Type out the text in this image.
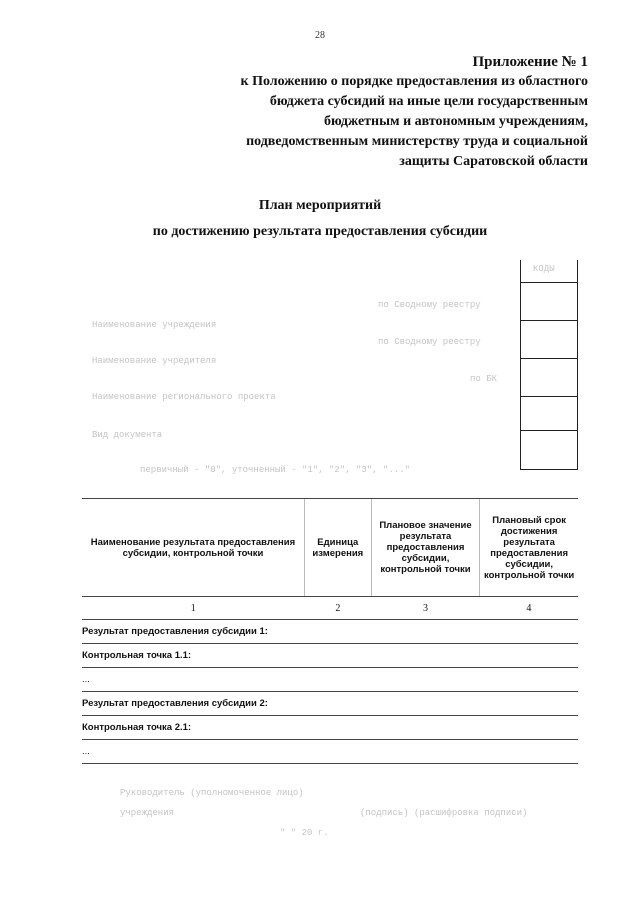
28
Приложение № 1
к Положению о порядке предоставления из областного
бюджета субсидий на иные цели государственным
бюджетным и автономным учреждениям,
подведомственным министерству труда и социальной
защиты Саратовской области
План мероприятий
по достижению результата предоставления субсидии
КОДЫ
по Сводному реестру
Наименование учреждения
по Сводному реестру
Наименование учредителя
по БК
Наименование регионального проекта
Вид документа
первичный - "0", уточненный - "1", "2", "3", "..."
Наименование результата предоставления субсидии, контрольной точки	Единица измерения	Плановое значение результата предоставления субсидии, контрольной точки	Плановый срок достижения результата предоставления субсидии, контрольной точки
1	2	3	4
Результат предоставления субсидии 1:			
Контрольная точка 1.1:			
...			
Результат предоставления субсидии 2:			
Контрольная точка 2.1:			
...			
Руководитель (уполномоченное лицо)
учреждения	(подпись) (расшифровка подписи)
" " 20 г.
